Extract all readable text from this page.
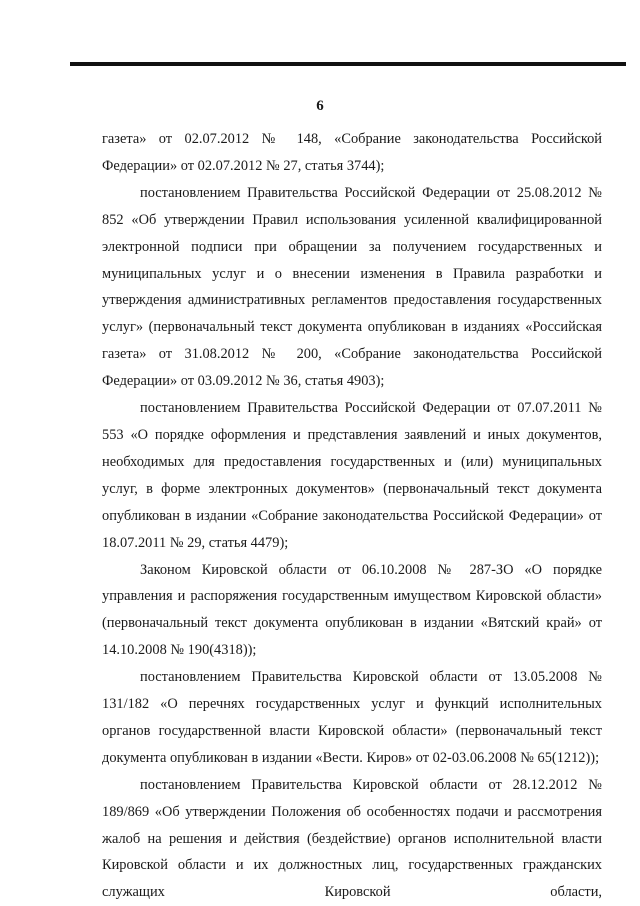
6

газета» от 02.07.2012 № 148, «Собрание законодательства Российской Федерации» от 02.07.2012 № 27, статья 3744);

постановлением Правительства Российской Федерации от 25.08.2012 № 852 «Об утверждении Правил использования усиленной квалифицированной электронной подписи при обращении за получением государственных и муниципальных услуг и о внесении изменения в Правила разработки и утверждения административных регламентов предоставления государственных услуг» (первоначальный текст документа опубликован в изданиях «Российская газета» от 31.08.2012 № 200, «Собрание законодательства Российской Федерации» от 03.09.2012 № 36, статья 4903);

постановлением Правительства Российской Федерации от 07.07.2011 № 553 «О порядке оформления и представления заявлений и иных документов, необходимых для предоставления государственных и (или) муниципальных услуг, в форме электронных документов» (первоначальный текст документа опубликован в издании «Собрание законодательства Российской Федерации» от 18.07.2011 № 29, статья 4479);

Законом Кировской области от 06.10.2008 № 287-ЗО «О порядке управления и распоряжения государственным имуществом Кировской области» (первоначальный текст документа опубликован в издании «Вятский край» от 14.10.2008 № 190(4318));

постановлением Правительства Кировской области от 13.05.2008 № 131/182 «О перечнях государственных услуг и функций исполнительных органов государственной власти Кировской области» (первоначальный текст документа опубликован в издании «Вести. Киров» от 02-03.06.2008 № 65(1212));

постановлением Правительства Кировской области от 28.12.2012 № 189/869 «Об утверждении Положения об особенностях подачи и рассмотрения жалоб на решения и действия (бездействие) органов исполнительной власти Кировской области и их должностных лиц, государственных гражданских служащих Кировской области,
